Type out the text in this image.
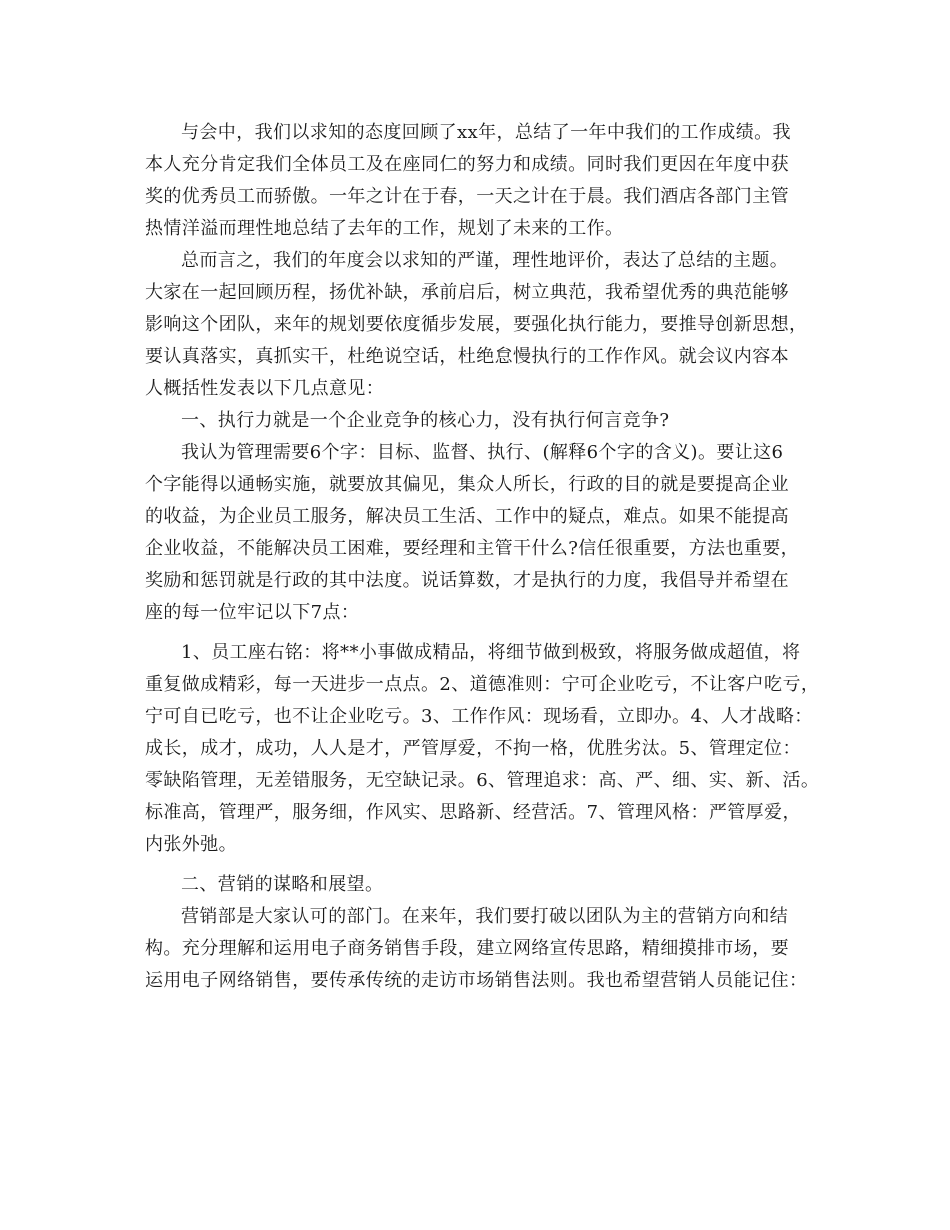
与会中，我们以求知的态度回顾了xx年，总结了一年中我们的工作成绩。我
本人充分肯定我们全体员工及在座同仁的努力和成绩。同时我们更因在年度中获
奖的优秀员工而骄傲。一年之计在于春，一天之计在于晨。我们酒店各部门主管
热情洋溢而理性地总结了去年的工作，规划了未来的工作。
总而言之，我们的年度会以求知的严谨，理性地评价，表达了总结的主题。
大家在一起回顾历程，扬优补缺，承前启后，树立典范，我希望优秀的典范能够
影响这个团队，来年的规划要依度循步发展，要强化执行能力，要推导创新思想，
要认真落实，真抓实干，杜绝说空话，杜绝怠慢执行的工作作风。就会议内容本
人概括性发表以下几点意见：
一、执行力就是一个企业竞争的核心力，没有执行何言竞争?
我认为管理需要6个字：目标、监督、执行、(解释6个字的含义)。要让这6
个字能得以通畅实施，就要放其偏见，集众人所长，行政的目的就是要提高企业
的收益，为企业员工服务，解决员工生活、工作中的疑点，难点。如果不能提高
企业收益，不能解决员工困难，要经理和主管干什么?信任很重要，方法也重要，
奖励和惩罚就是行政的其中法度。说话算数，才是执行的力度，我倡导并希望在
座的每一位牢记以下7点：
1、员工座右铭：将**小事做成精品，将细节做到极致，将服务做成超值，将
重复做成精彩，每一天进步一点点。2、道德准则：宁可企业吃亏，不让客户吃亏，
宁可自已吃亏，也不让企业吃亏。3、工作作风：现场看，立即办。4、人才战略：
成长，成才，成功，人人是才，严管厚爱，不拘一格，优胜劣汰。5、管理定位：
零缺陷管理，无差错服务，无空缺记录。6、管理追求：高、严、细、实、新、活。
标准高，管理严，服务细，作风实、思路新、经营活。7、管理风格：严管厚爱，
内张外弛。
二、营销的谋略和展望。
营销部是大家认可的部门。在来年，我们要打破以团队为主的营销方向和结
构。充分理解和运用电子商务销售手段，建立网络宣传思路，精细摸排市场，要
运用电子网络销售，要传承传统的走访市场销售法则。我也希望营销人员能记住：
